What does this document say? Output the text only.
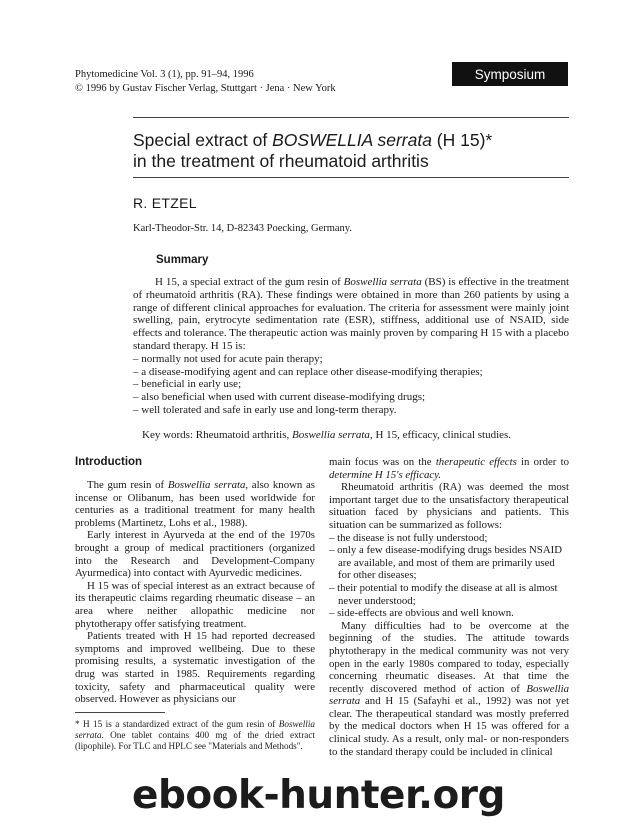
Phytomedicine Vol. 3 (1), pp. 91–94, 1996
© 1996 by Gustav Fischer Verlag, Stuttgart · Jena · New York
Symposium
Special extract of BOSWELLIA serrata (H 15)*
in the treatment of rheumatoid arthritis
R. ETZEL
Karl-Theodor-Str. 14, D-82343 Poecking, Germany.
Summary

H 15, a special extract of the gum resin of Boswellia serrata (BS) is effective in the treatment of rheumatoid arthritis (RA). These findings were obtained in more than 260 patients by using a range of different clinical approaches for evaluation. The criteria for assessment were mainly joint swelling, pain, erytrocyte sedimentation rate (ESR), stiffness, additional use of NSAID, side effects and tolerance. The therapeutic action was mainly proven by comparing H 15 with a placebo standard therapy. H 15 is:

– normally not used for acute pain therapy;
– a disease-modifying agent and can replace other disease-modifying therapies;
– beneficial in early use;
– also beneficial when used with current disease-modifying drugs;
– well tolerated and safe in early use and long-term therapy.
Key words: Rheumatoid arthritis, Boswellia serrata, H 15, efficacy, clinical studies.
Introduction

The gum resin of Boswellia serrata, also known as incense or Olibanum, has been used worldwide for centuries as a traditional treatment for many health problems (Martinetz, Lohs et al., 1988).

Early interest in Ayurveda at the end of the 1970s brought a group of medical practitioners (organized into the Research and Development-Company Ayurmedica) into contact with Ayurvedic medicines.

H 15 was of special interest as an extract because of its therapeutic claims regarding rheumatic disease – an area where neither allopathic medicine nor phytotherapy offer satisfying treatment.

Patients treated with H 15 had reported decreased symptoms and improved wellbeing. Due to these promising results, a systematic investigation of the drug was started in 1985. Requirements regarding toxicity, safety and pharmaceutical quality were observed. However as physicians our

main focus was on the therapeutic effects in order to determine H 15's efficacy.

Rheumatoid arthritis (RA) was deemed the most important target due to the unsatisfactory therapeutical situation faced by physicians and patients. This situation can be summarized as follows:

– the disease is not fully understood;
– only a few disease-modifying drugs besides NSAID are available, and most of them are primarily used for other diseases;
– their potential to modify the disease at all is almost never understood;
– side-effects are obvious and well known.

Many difficulties had to be overcome at the beginning of the studies. The attitude towards phytotherapy in the medical community was not very open in the early 1980s compared to today, especially concerning rheumatic diseases. At that time the recently discovered method of action of Boswellia serrata and H 15 (Safayhi et al., 1992) was not yet clear. The therapeutical standard was mostly preferred by the medical doctors when H 15 was offered for a clinical study. As a result, only mal- or non-responders to the standard therapy could be included in clinical

* H 15 is a standardized extract of the gum resin of Boswellia serrata. One tablet contains 400 mg of the dried extract (lipophile). For TLC and HPLC see "Materials and Methods".
ebook-hunter.org
